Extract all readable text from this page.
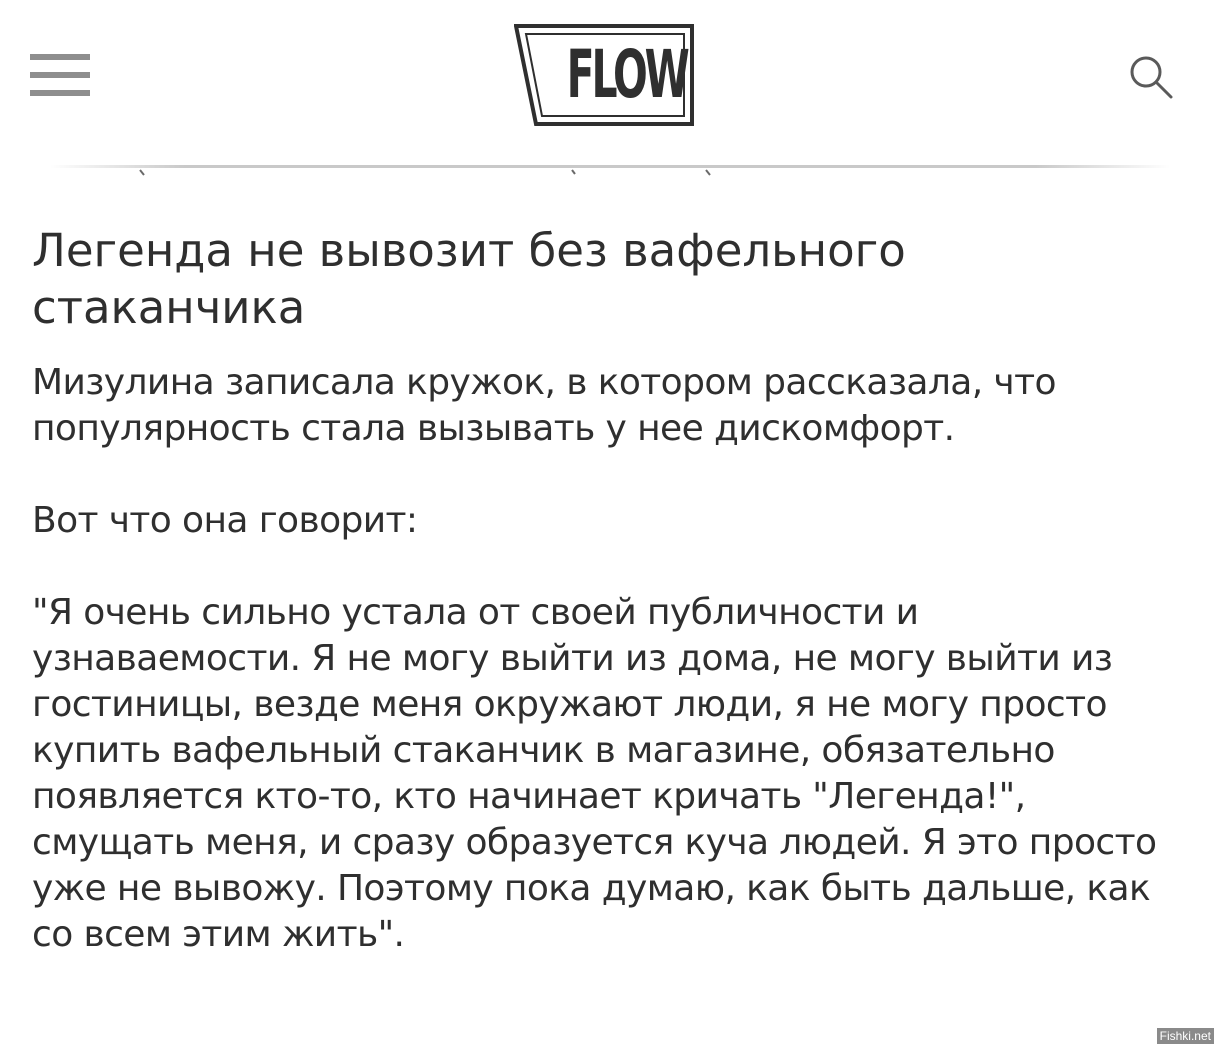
FLOW
Легенда не вывозит без вафельного стаканчика

Мизулина записала кружок, в котором рассказала, что популярность стала вызывать у нее дискомфорт.

Вот что она говорит:

"Я очень сильно устала от своей публичности и узнаваемости. Я не могу выйти из дома, не могу выйти из гостиницы, везде меня окружают люди, я не могу просто купить вафельный стаканчик в магазине, обязательно появляется кто-то, кто начинает кричать "Легенда!", смущать меня, и сразу образуется куча людей. Я это просто уже не вывожу. Поэтому пока думаю, как быть дальше, как со всем этим жить".

Fishki.net
